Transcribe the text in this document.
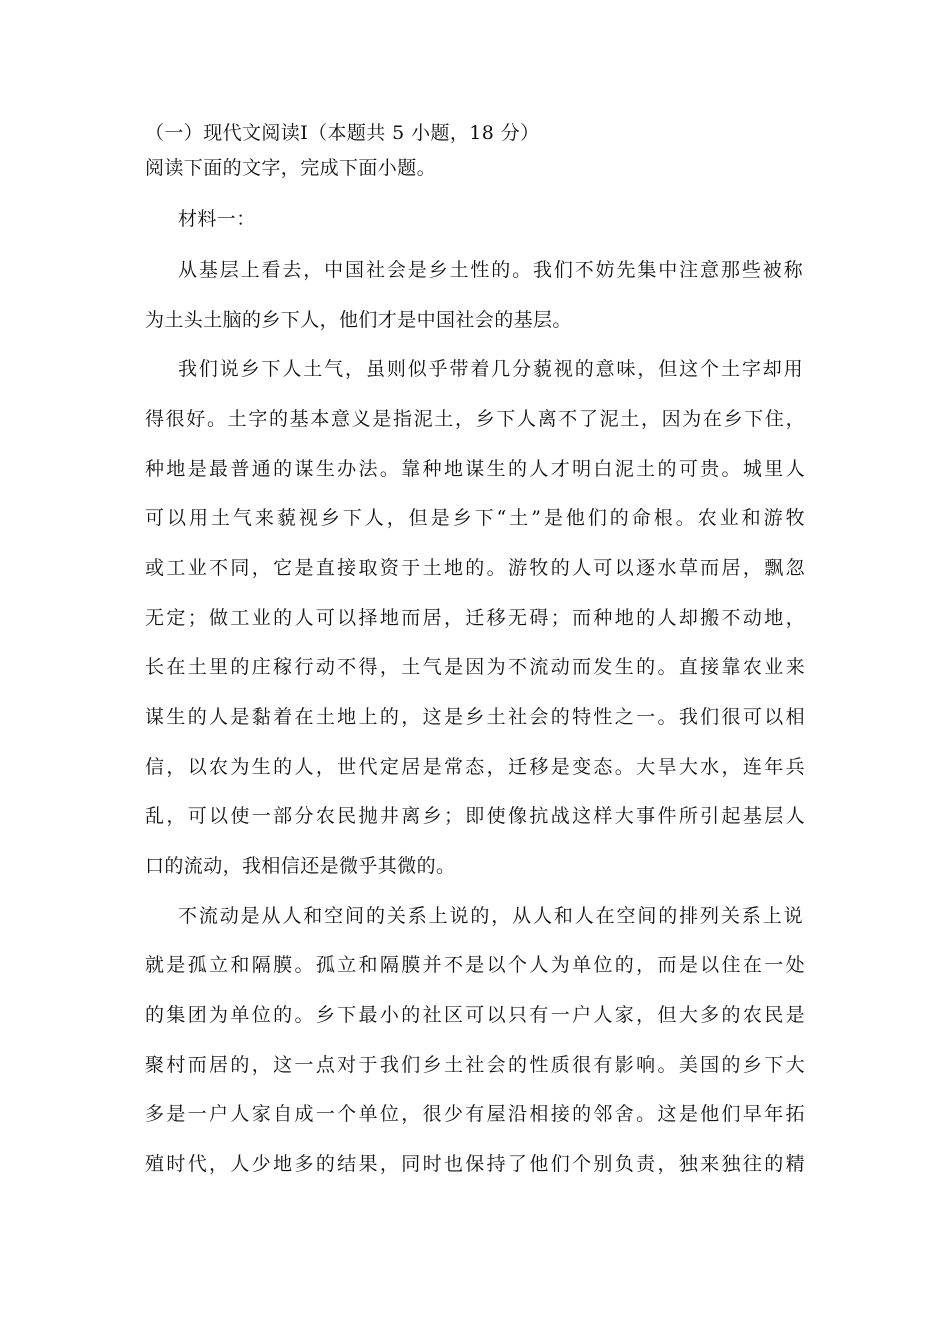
（一）现代文阅读Ⅰ（本题共 5 小题，18 分）
阅读下面的文字，完成下面小题。
材料一：
从基层上看去，中国社会是乡土性的。我们不妨先集中注意那些被称
为土头土脑的乡下人，他们才是中国社会的基层。
我们说乡下人土气，虽则似乎带着几分藐视的意味，但这个土字却用
得很好。土字的基本意义是指泥土，乡下人离不了泥土，因为在乡下住，
种地是最普通的谋生办法。靠种地谋生的人才明白泥土的可贵。城里人
可以用土气来藐视乡下人，但是乡下“土”是他们的命根。农业和游牧
或工业不同，它是直接取资于土地的。游牧的人可以逐水草而居，飘忽
无定；做工业的人可以择地而居，迁移无碍；而种地的人却搬不动地，
长在土里的庄稼行动不得，土气是因为不流动而发生的。直接靠农业来
谋生的人是黏着在土地上的，这是乡土社会的特性之一。我们很可以相
信，以农为生的人，世代定居是常态，迁移是变态。大旱大水，连年兵
乱，可以使一部分农民抛井离乡；即使像抗战这样大事件所引起基层人
口的流动，我相信还是微乎其微的。
不流动是从人和空间的关系上说的，从人和人在空间的排列关系上说
就是孤立和隔膜。孤立和隔膜并不是以个人为单位的，而是以住在一处
的集团为单位的。乡下最小的社区可以只有一户人家，但大多的农民是
聚村而居的，这一点对于我们乡土社会的性质很有影响。美国的乡下大
多是一户人家自成一个单位，很少有屋沿相接的邻舍。这是他们早年拓
殖时代，人少地多的结果，同时也保持了他们个别负责，独来独往的精
